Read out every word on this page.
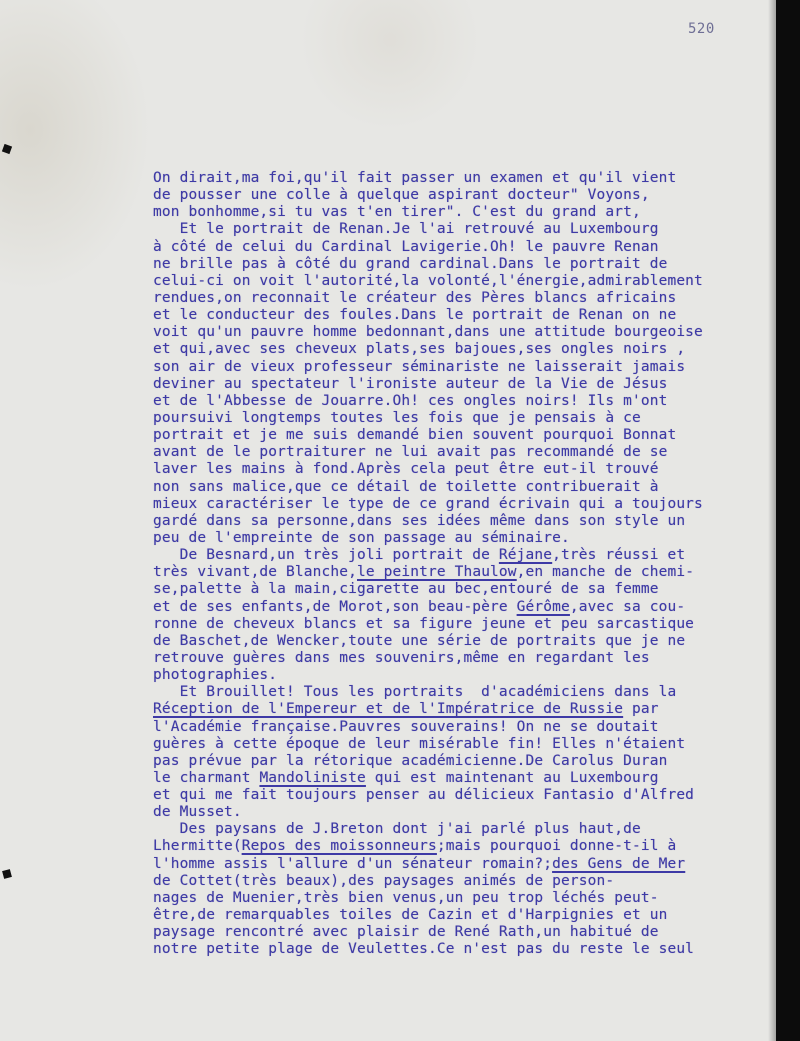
520
On dirait,ma foi,qu'il fait passer un examen et qu'il vient
de pousser une colle à quelque aspirant docteur" Voyons,
mon bonhomme,si tu vas t'en tirer". C'est du grand art,
Et le portrait de Renan.Je l'ai retrouvé au Luxembourg
à côté de celui du Cardinal Lavigerie.Oh! le pauvre Renan
ne brille pas à côté du grand cardinal.Dans le portrait de
celui-ci on voit l'autorité,la volonté,l'énergie,admirablement
rendues,on reconnait le créateur des Pères blancs africains
et le conducteur des foules.Dans le portrait de Renan on ne
voit qu'un pauvre homme bedonnant,dans une attitude bourgeoise
et qui,avec ses cheveux plats,ses bajoues,ses ongles noirs ,
son air de vieux professeur séminariste ne laisserait jamais
deviner au spectateur l'ironiste auteur de la Vie de Jésus
et de l'Abbesse de Jouarre.Oh! ces ongles noirs! Ils m'ont
poursuivi longtemps toutes les fois que je pensais à ce
portrait et je me suis demandé bien souvent pourquoi Bonnat
avant de le portraiturer ne lui avait pas recommandé de se
laver les mains à fond.Après cela peut être eut-il trouvé
non sans malice,que ce détail de toilette contribuerait à
mieux caractériser le type de ce grand écrivain qui a toujours
gardé dans sa personne,dans ses idées même dans son style un
peu de l'empreinte de son passage au séminaire.
De Besnard,un très joli portrait de Réjane,très réussi et
très vivant,de Blanche,le peintre Thaulow,en manche de chemi-
se,palette à la main,cigarette au bec,entouré de sa femme
et de ses enfants,de Morot,son beau-père Gérôme,avec sa cou-
ronne de cheveux blancs et sa figure jeune et peu sarcastique
de Baschet,de Wencker,toute une série de portraits que je ne
retrouve guères dans mes souvenirs,même en regardant les
photographies.
Et Brouillet! Tous les portraits  d'académiciens dans la
Réception de l'Empereur et de l'Impératrice de Russie par
l'Académie française.Pauvres souverains! On ne se doutait
guères à cette époque de leur misérable fin! Elles n'étaient
pas prévue par la rétorique académicienne.De Carolus Duran
le charmant Mandoliniste qui est maintenant au Luxembourg
et qui me fait toujours penser au délicieux Fantasio d'Alfred
de Musset.
Des paysans de J.Breton dont j'ai parlé plus haut,de
Lhermitte(Repos des moissonneurs;mais pourquoi donne-t-il à
l'homme assis l'allure d'un sénateur romain?;des Gens de Mer
de Cottet(très beaux),des paysages animés de person-
nages de Muenier,très bien venus,un peu trop léchés peut-
être,de remarquables toiles de Cazin et d'Harpignies et un
paysage rencontré avec plaisir de René Rath,un habitué de
notre petite plage de Veulettes.Ce n'est pas du reste le seul
